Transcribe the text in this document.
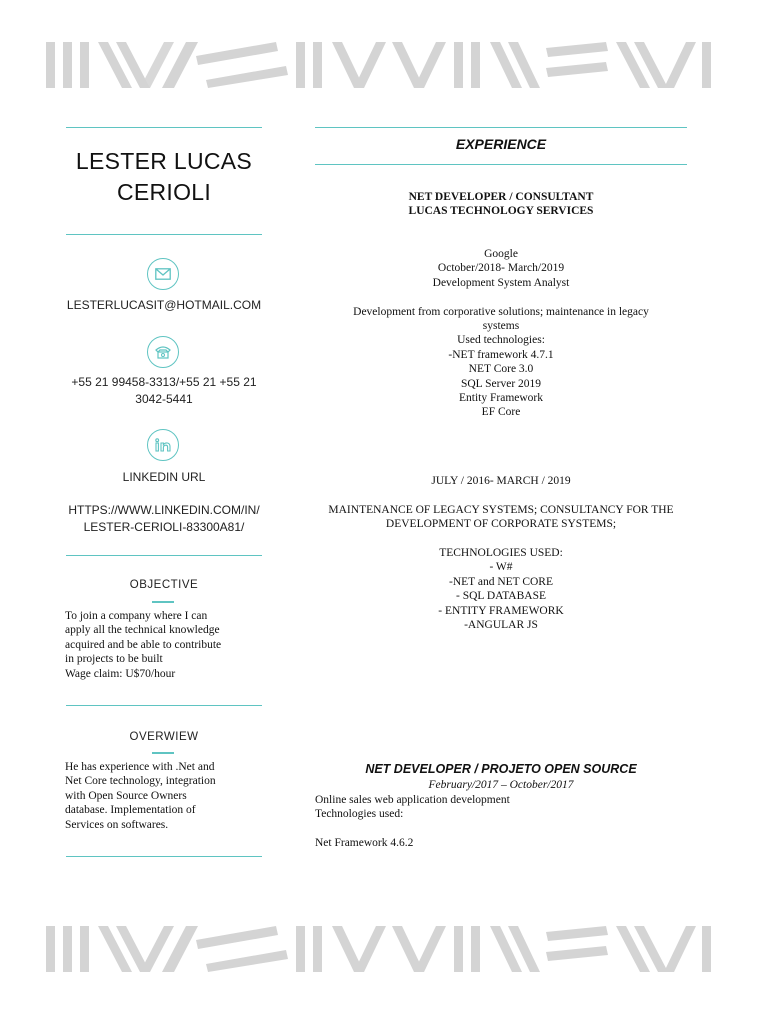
LESTER LUCAS CERIOLI
LESTERLUCASIT@HOTMAIL.COM
+55 21 99458-3313/+55 21 +55 21 3042-5441
LINKEDIN URL
HTTPS://WWW.LINKEDIN.COM/IN/LESTER-CERIOLI-83300A81/
OBJECTIVE
To join a company where I can
apply all the technical knowledge
acquired and be able to contribute
in projects to be built
Wage claim: U$70/hour
OVERWIEW
He has experience with .Net and
Net Core technology, integration
with Open Source Owners
database. Implementation of
Services on softwares.
EXPERIENCE
NET DEVELOPER / CONSULTANT
LUCAS TECHNOLOGY SERVICES
Google
October/2018- March/2019
Development System Analyst
Development from corporative solutions; maintenance in legacy
systems
Used technologies:
-NET framework 4.7.1
NET Core 3.0
SQL Server 2019
Entity Framework
EF Core
JULY / 2016- MARCH / 2019
MAINTENANCE OF LEGACY SYSTEMS; CONSULTANCY FOR THE
DEVELOPMENT OF CORPORATE SYSTEMS;
TECHNOLOGIES USED:
- W#
-NET and NET CORE
- SQL DATABASE
- ENTITY FRAMEWORK
-ANGULAR JS
NET DEVELOPER / PROJETO OPEN SOURCE
February/2017 – October/2017
Online sales web application development
Technologies used:
Net Framework 4.6.2
